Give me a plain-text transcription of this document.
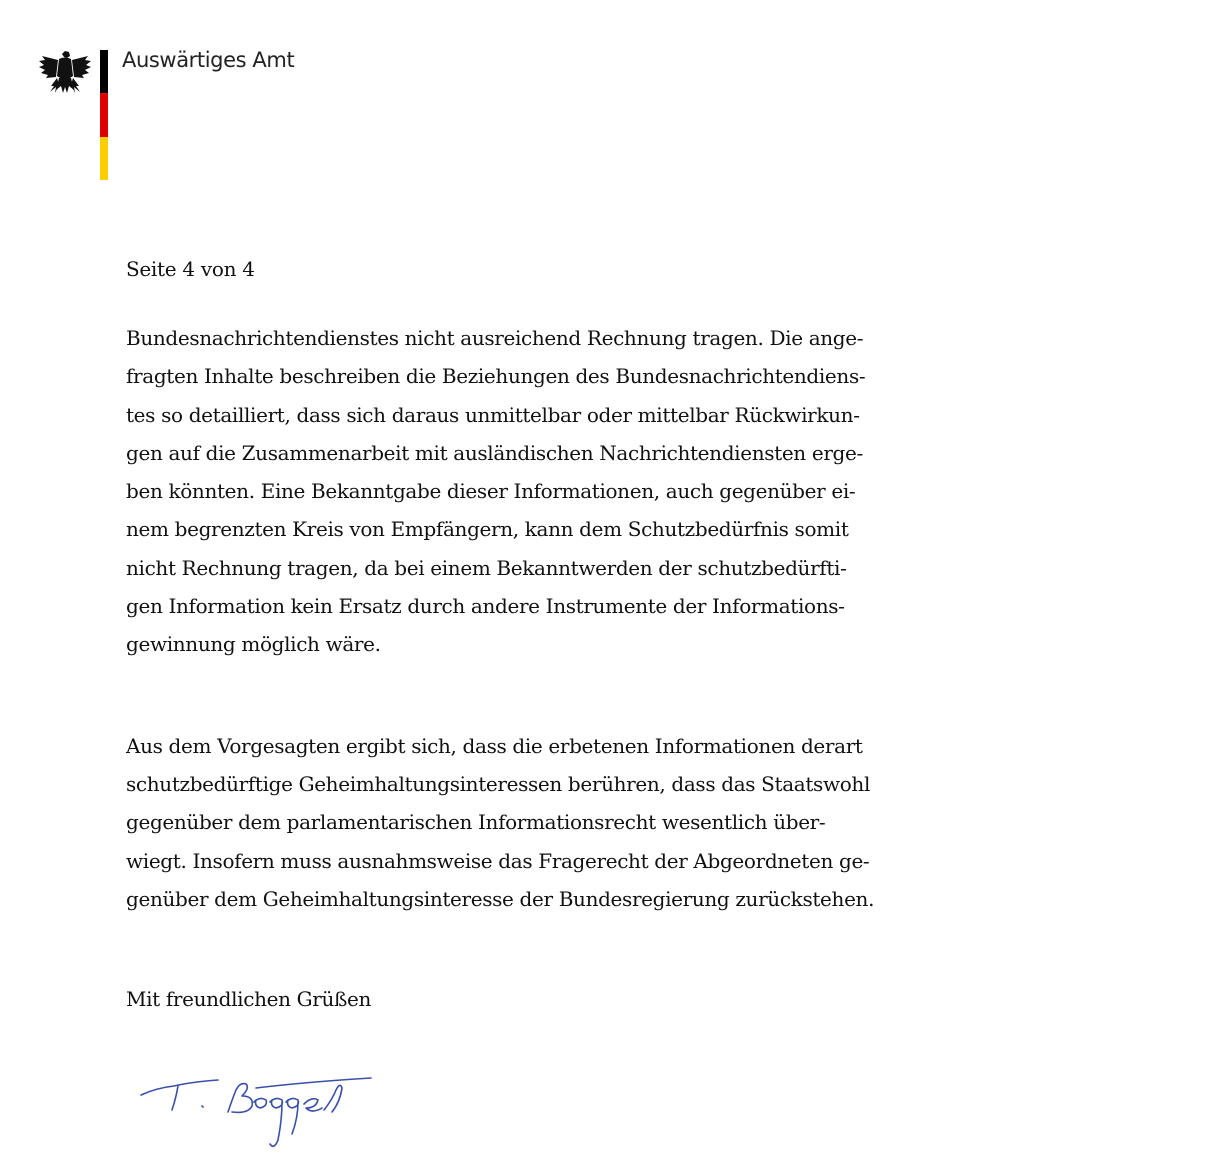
Auswärtiges Amt
Seite 4 von 4

Bundesnachrichtendienstes nicht ausreichend Rechnung tragen. Die ange-
fragten Inhalte beschreiben die Beziehungen des Bundesnachrichtendiens-
tes so detailliert, dass sich daraus unmittelbar oder mittelbar Rückwirkun-
gen auf die Zusammenarbeit mit ausländischen Nachrichtendiensten erge-
ben könnten. Eine Bekanntgabe dieser Informationen, auch gegenüber ei-
nem begrenzten Kreis von Empfängern, kann dem Schutzbedürfnis somit
nicht Rechnung tragen, da bei einem Bekanntwerden der schutzbedürfti-
gen Information kein Ersatz durch andere Instrumente der Informations-
gewinnung möglich wäre.

Aus dem Vorgesagten ergibt sich, dass die erbetenen Informationen derart
schutzbedürftige Geheimhaltungsinteressen berühren, dass das Staatswohl
gegenüber dem parlamentarischen Informationsrecht wesentlich über-
wiegt. Insofern muss ausnahmsweise das Fragerecht der Abgeordneten ge-
genüber dem Geheimhaltungsinteresse der Bundesregierung zurückstehen.

Mit freundlichen Grüßen
